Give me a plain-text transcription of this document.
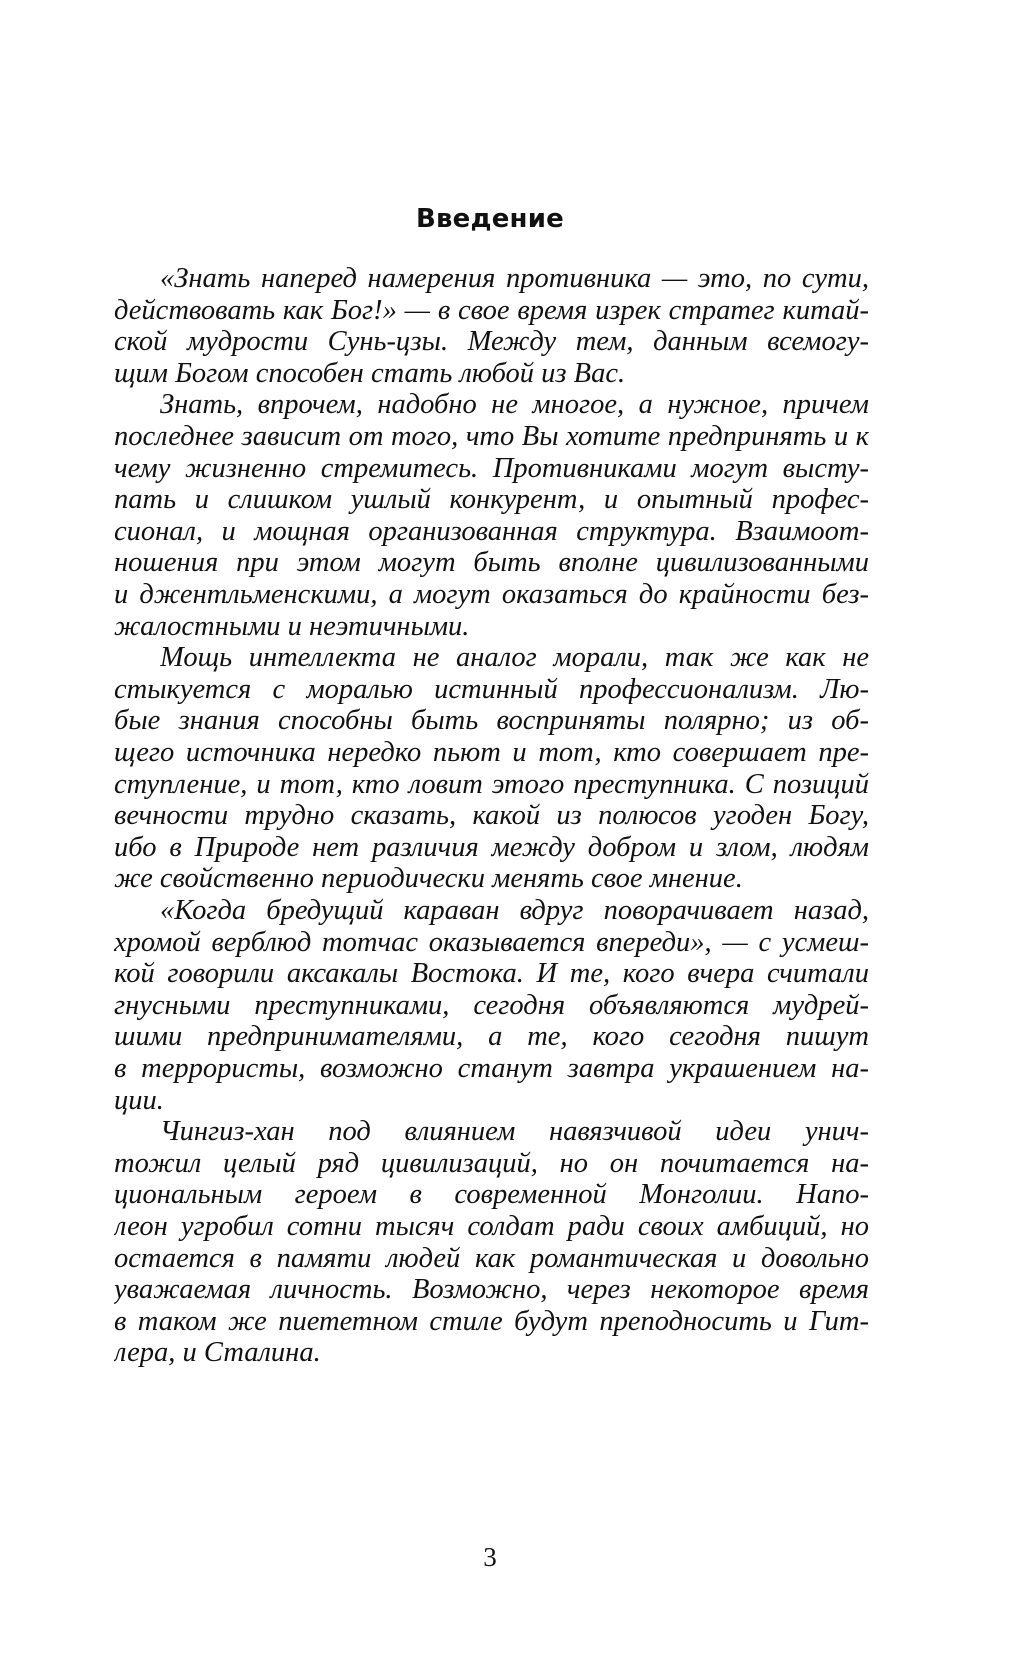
Введение

«Знать наперед намерения противника — это, по сути,

действовать как Бог!» — в свое время изрек стратег китай-

ской мудрости Сунь-цзы. Между тем, данным всемогу-

щим Богом способен стать любой из Вас.

Знать, впрочем, надобно не многое, а нужное, причем

последнее зависит от того, что Вы хотите предпринять и к

чему жизненно стремитесь. Противниками могут высту-

пать и слишком ушлый конкурент, и опытный профес-

сионал, и мощная организованная структура. Взаимоот-

ношения при этом могут быть вполне цивилизованными

и джентльменскими, а могут оказаться до крайности без-

жалостными и неэтичными.

Мощь интеллекта не аналог морали, так же как не

стыкуется с моралью истинный профессионализм. Лю-

бые знания способны быть восприняты полярно; из об-

щего источника нередко пьют и тот, кто совершает пре-

ступление, и тот, кто ловит этого преступника. С позиций

вечности трудно сказать, какой из полюсов угоден Богу,

ибо в Природе нет различия между добром и злом, людям

же свойственно периодически менять свое мнение.

«Когда бредущий караван вдруг поворачивает назад,

хромой верблюд тотчас оказывается впереди», — с усмеш-

кой говорили аксакалы Востока. И те, кого вчера считали

гнусными преступниками, сегодня объявляются мудрей-

шими предпринимателями, а те, кого сегодня пишут

в террористы, возможно станут завтра украшением на-

ции.

Чингиз-хан под влиянием навязчивой идеи унич-

тожил целый ряд цивилизаций, но он почитается на-

циональным героем в современной Монголии. Напо-

леон угробил сотни тысяч солдат ради своих амбиций, но

остается в памяти людей как романтическая и довольно

уважаемая личность. Возможно, через некоторое время

в таком же пиететном стиле будут преподносить и Гит-

лера, и Сталина.

3
